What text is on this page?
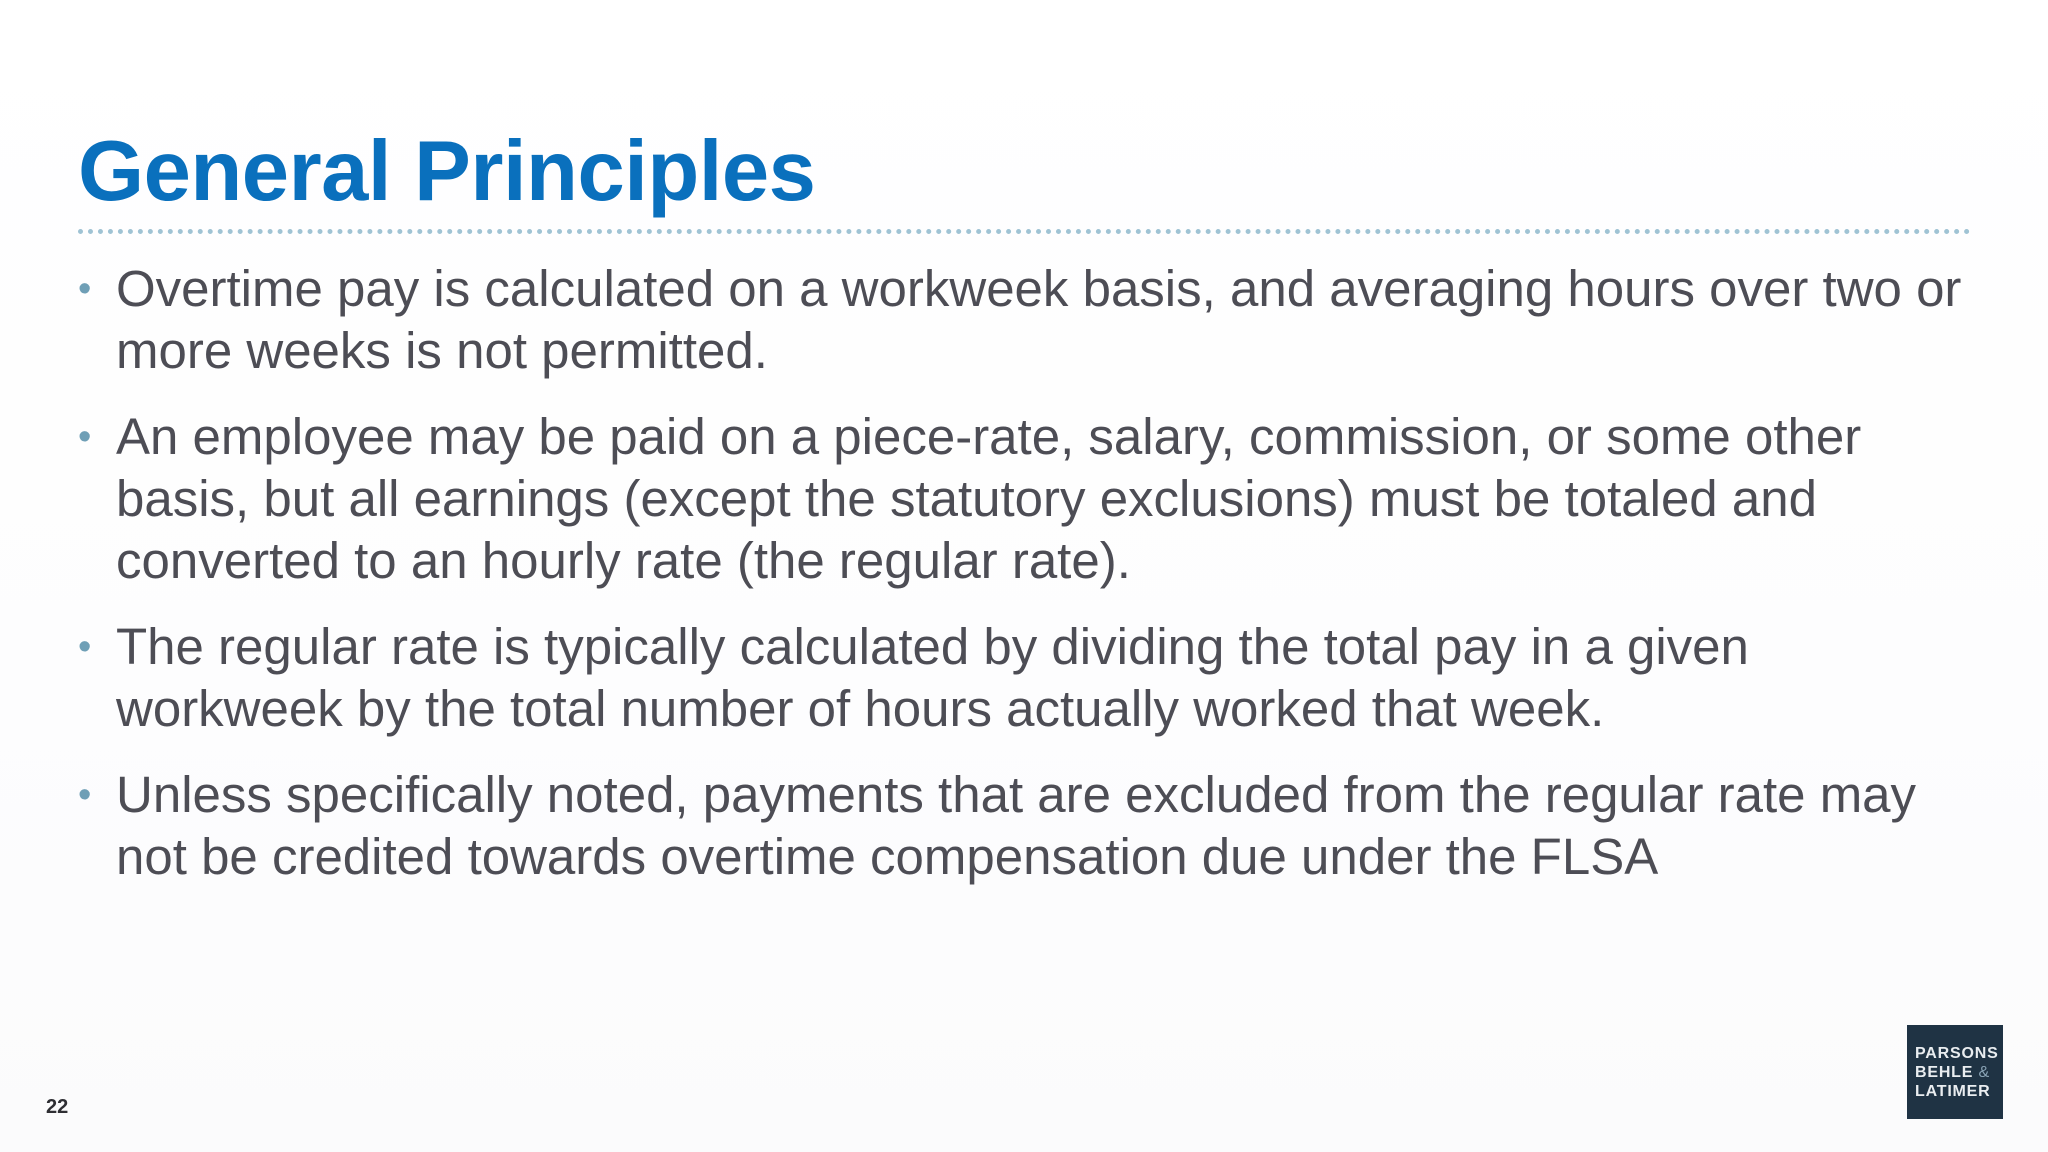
General Principles
• Overtime pay is calculated on a workweek basis, and averaging hours over two or more weeks is not permitted.
• An employee may be paid on a piece-rate, salary, commission, or some other basis, but all earnings (except the statutory exclusions) must be totaled and converted to an hourly rate (the regular rate).
• The regular rate is typically calculated by dividing the total pay in a given workweek by the total number of hours actually worked that week.
• Unless specifically noted, payments that are excluded from the regular rate may not be credited towards overtime compensation due under the FLSA
22
PARSONS
BEHLE &
LATIMER
